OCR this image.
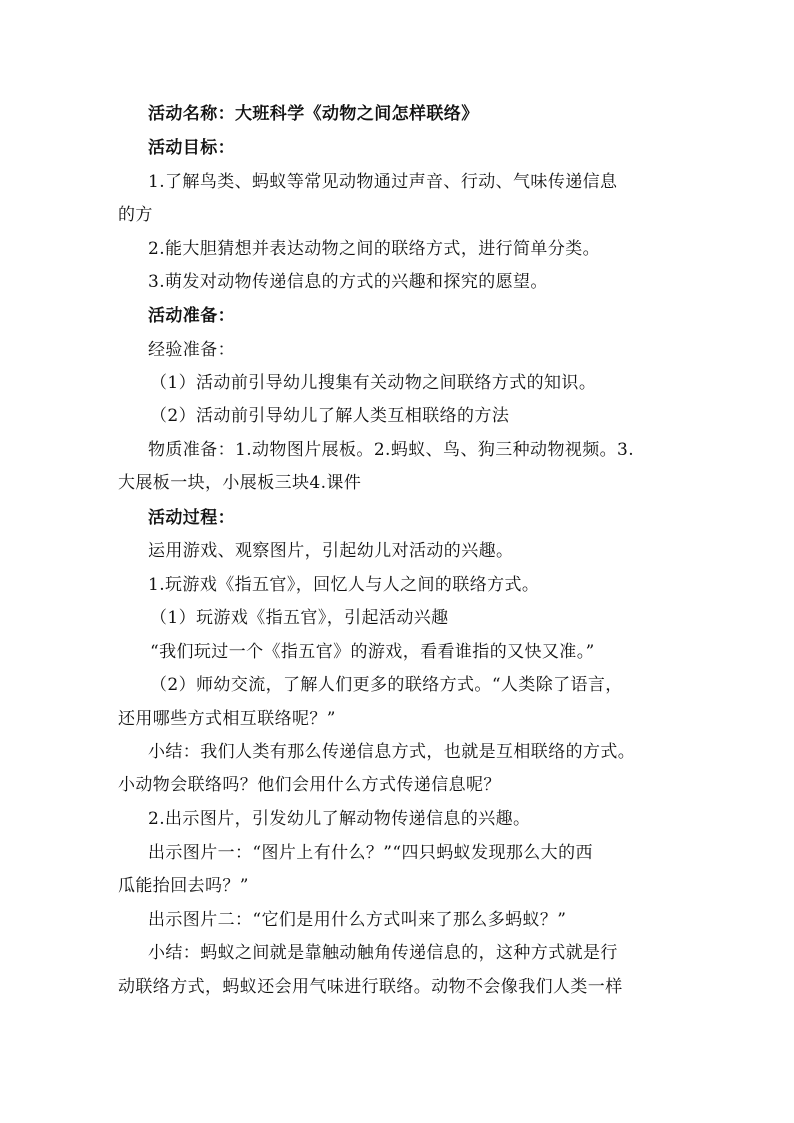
活动名称：大班科学《动物之间怎样联络》
活动目标：
1.了解鸟类、蚂蚁等常见动物通过声音、行动、气味传递信息
的方
2.能大胆猜想并表达动物之间的联络方式，进行简单分类。
3.萌发对动物传递信息的方式的兴趣和探究的愿望。
活动准备：
经验准备：
（1）活动前引导幼儿搜集有关动物之间联络方式的知识。
（2）活动前引导幼儿了解人类互相联络的方法
物质准备：1.动物图片展板。2.蚂蚁、鸟、狗三种动物视频。3.
大展板一块，小展板三块4.课件
活动过程：
运用游戏、观察图片，引起幼儿对活动的兴趣。
1.玩游戏《指五官》，回忆人与人之间的联络方式。
（1）玩游戏《指五官》，引起活动兴趣
“我们玩过一个《指五官》的游戏，看看谁指的又快又准。”
（2）师幼交流，了解人们更多的联络方式。“人类除了语言，
还用哪些方式相互联络呢？”
小结：我们人类有那么传递信息方式，也就是互相联络的方式。
小动物会联络吗？他们会用什么方式传递信息呢？
2.出示图片，引发幼儿了解动物传递信息的兴趣。
出示图片一：“图片上有什么？”“四只蚂蚁发现那么大的西
瓜能抬回去吗？”
出示图片二：“它们是用什么方式叫来了那么多蚂蚁？”
小结：蚂蚁之间就是靠触动触角传递信息的，这种方式就是行
动联络方式，蚂蚁还会用气味进行联络。动物不会像我们人类一样
